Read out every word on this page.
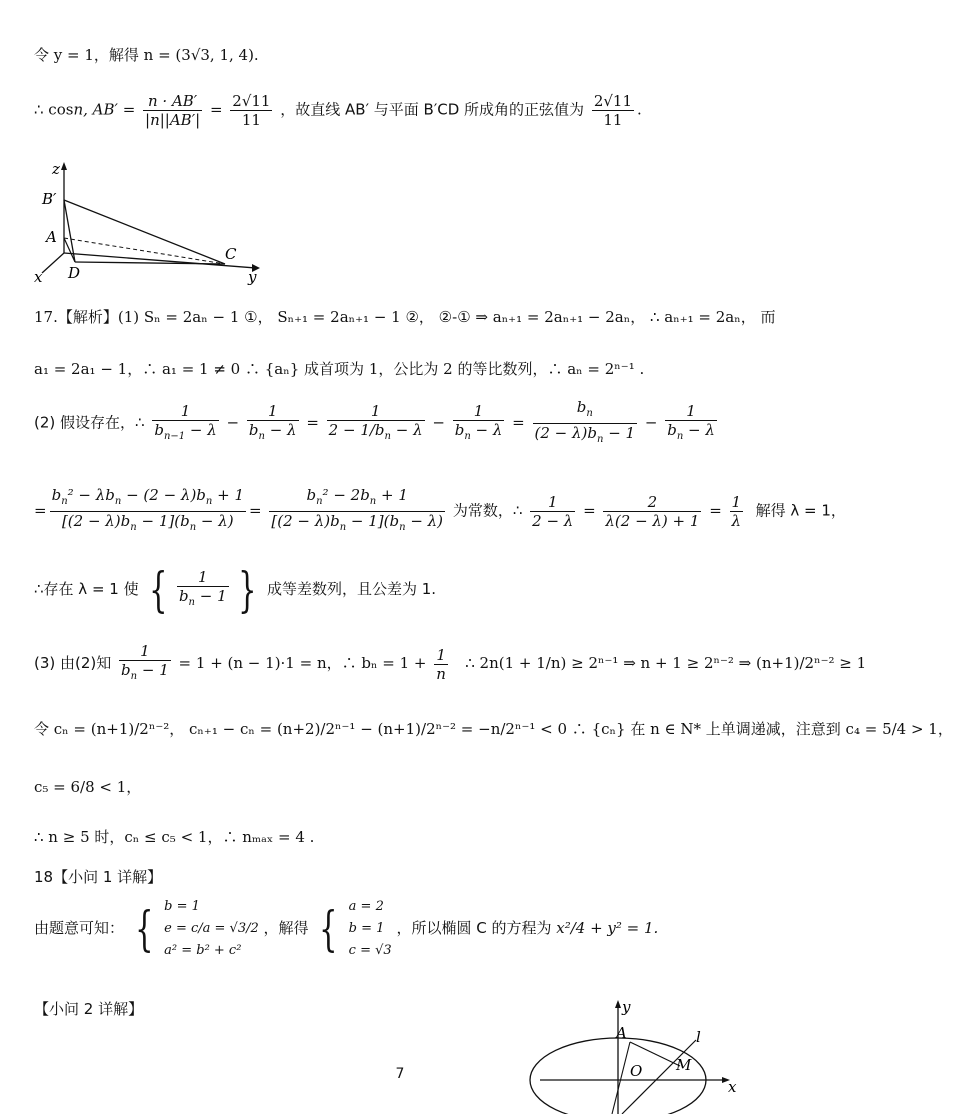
令 y = 1，解得 n = (3√3, 1, 4).
∴ cosn, $AB' = \frac{n \cdot AB'}{|n||AB'|} = \frac{2√11}{11}$ ，故直线 AB′ 与平面 B′CD 所成角的正弦值为 $\frac{2√11}{11}$ .
z
B′
A
D
C
x	y
17.【解析】(1) Sₙ = 2aₙ − 1 ①， Sₙ₊₁ = 2aₙ₊₁ − 1 ②， ②-① ⇒ aₙ₊₁ = 2aₙ₊₁ − 2aₙ， ∴ aₙ₊₁ = 2aₙ， 而
a₁ = 2a₁ − 1，∴ a₁ = 1 ≠ 0 ∴ {aₙ} 成首项为 1，公比为 2 的等比数列，∴ aₙ = 2ⁿ⁻¹ .
(2) 假设存在，∴ $\frac{1}{b_{n-1} - \lambda} - \frac{1}{b_n - \lambda} = \frac{1}{2 - 1/b_n - \lambda} - \frac{1}{b_n - \lambda} = \frac{b_n}{(2 - \lambda)b_n - 1} - \frac{1}{b_n - \lambda}$
= $\frac{b_n^2 - \lambda b_n - (2 - \lambda)b_n + 1}{[(2 - \lambda)b_n - 1](b_n - \lambda)} = \frac{b_n^2 - 2b_n + 1}{[(2 - \lambda)b_n - 1](b_n - \lambda)}$ 为常数，∴ $\frac{1}{2 - \lambda} = \frac{2}{\lambda(2 - \lambda) + 1} = \frac{1}{\lambda}$ 解得 λ = 1，
∴存在 λ = 1 使 { $\frac{1}{b_n - 1}$ } 成等差数列，且公差为 1.
(3) 由(2)知 $\frac{1}{b_n - 1} = 1 + (n - 1)\cdot 1 = n$，∴ $b_n = 1 + \frac{1}{n}$ ∴ 2n(1 + 1/n) ≥ 2ⁿ⁻¹ ⇒ n + 1 ≥ 2ⁿ⁻² ⇒ (n+1)/2ⁿ⁻² ≥ 1
令 cₙ = (n+1)/2ⁿ⁻²， cₙ₊₁ − cₙ = (n+2)/2ⁿ⁻¹ − (n+1)/2ⁿ⁻² = −n/2ⁿ⁻¹ < 0 ∴ {cₙ} 在 n ∈ N* 上单调递减，注意到 c₄ = 5/4 > 1，
c₅ = 6/8 < 1，
∴ n ≥ 5 时，cₙ ≤ c₅ < 1，∴ nₘₐₓ = 4 .
18【小问 1 详解】
由题意可知： { b = 1
e = c/a = √3/2
a² = b² + c²
，解得 { a = 2
b = 1
c = √3
，所以椭圆 C 的方程为 x²/4 + y² = 1.
【小问 2 详解】	y
A	l
O M
x
7
